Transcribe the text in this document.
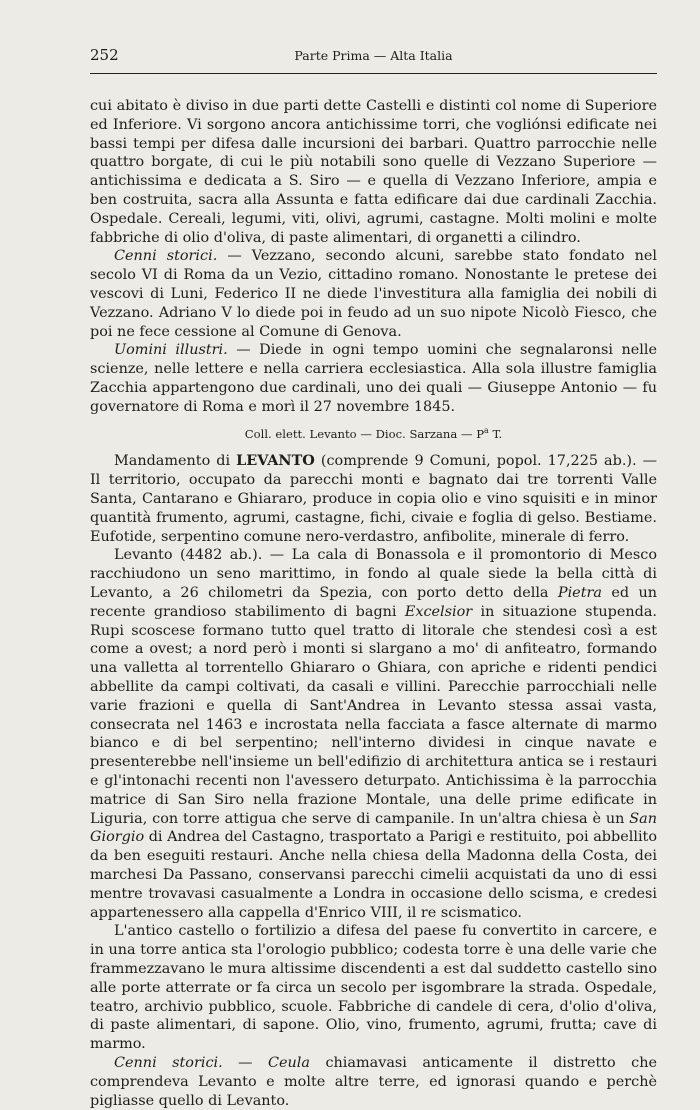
252	Parte Prima — Alta Italia

cui abitato è diviso in due parti dette Castelli e distinti col nome di Superiore ed Inferiore. Vi sorgono ancora antichissime torri, che vogliónsi edificate nei bassi tempi per difesa dalle incursioni dei barbari. Quattro parrocchie nelle quattro borgate, di cui le più notabili sono quelle di Vezzano Superiore — antichissima e dedicata a S. Siro — e quella di Vezzano Inferiore, ampia e ben costruita, sacra alla Assunta e fatta edificare dai due cardinali Zacchia. Ospedale. Cereali, legumi, viti, olivi, agrumi, castagne. Molti molini e molte fabbriche di olio d'oliva, di paste alimentari, di organetti a cilindro.

Cenni storici. — Vezzano, secondo alcuni, sarebbe stato fondato nel secolo VI di Roma da un Vezio, cittadino romano. Nonostante le pretese dei vescovi di Luni, Federico II ne diede l'investitura alla famiglia dei nobili di Vezzano. Adriano V lo diede poi in feudo ad un suo nipote Nicolò Fiesco, che poi ne fece cessione al Comune di Genova.

Uomini illustri. — Diede in ogni tempo uomini che segnalaronsi nelle scienze, nelle lettere e nella carriera ecclesiastica. Alla sola illustre famiglia Zacchia appartengono due cardinali, uno dei quali — Giuseppe Antonio — fu governatore di Roma e morì il 27 novembre 1845.

Coll. elett. Levanto — Dioc. Sarzana — $P^a$ T.

Mandamento di LEVANTO (comprende 9 Comuni, popol. 17,225 ab.). — Il territorio, occupato da parecchi monti e bagnato dai tre torrenti Valle Santa, Cantarano e Ghiararo, produce in copia olio e vino squisiti e in minor quantità frumento, agrumi, castagne, fichi, civaie e foglia di gelso. Bestiame. Eufotide, serpentino comune nero-verdastro, anfibolite, minerale di ferro.

Levanto (4482 ab.). — La cala di Bonassola e il promontorio di Mesco racchiudono un seno marittimo, in fondo al quale siede la bella città di Levanto, a 26 chilometri da Spezia, con porto detto della Pietra ed un recente grandioso stabilimento di bagni Excelsior in situazione stupenda. Rupi scoscese formano tutto quel tratto di litorale che stendesi così a est come a ovest; a nord però i monti si slargano a mo' di anfiteatro, formando una valletta al torrentello Ghiararo o Ghiara, con apriche e ridenti pendici abbellite da campi coltivati, da casali e villini. Parecchie parrocchiali nelle varie frazioni e quella di Sant'Andrea in Levanto stessa assai vasta, consecrata nel 1463 e incrostata nella facciata a fasce alternate di marmo bianco e di bel serpentino; nell'interno dividesi in cinque navate e presenterebbe nell'insieme un bell'edifizio di architettura antica se i restauri e gl'intonachi recenti non l'avessero deturpato. Antichissima è la parrocchia matrice di San Siro nella frazione Montale, una delle prime edificate in Liguria, con torre attigua che serve di campanile. In un'altra chiesa è un San Giorgio di Andrea del Castagno, trasportato a Parigi e restituito, poi abbellito da ben eseguiti restauri. Anche nella chiesa della Madonna della Costa, dei marchesi Da Passano, conservansi parecchi cimelii acquistati da uno di essi mentre trovavasi casualmente a Londra in occasione dello scisma, e credesi appartenessero alla cappella d'Enrico VIII, il re scismatico.

L'antico castello o fortilizio a difesa del paese fu convertito in carcere, e in una torre antica sta l'orologio pubblico; codesta torre è una delle varie che frammezzavano le mura altissime discendenti a est dal suddetto castello sino alle porte atterrate or fa circa un secolo per isgombrare la strada. Ospedale, teatro, archivio pubblico, scuole. Fabbriche di candele di cera, d'olio d'oliva, di paste alimentari, di sapone. Olio, vino, frumento, agrumi, frutta; cave di marmo.

Cenni storici. — Ceula chiamavasi anticamente il distretto che comprendeva Levanto e molte altre terre, ed ignorasi quando e perchè pigliasse quello di Levanto.
